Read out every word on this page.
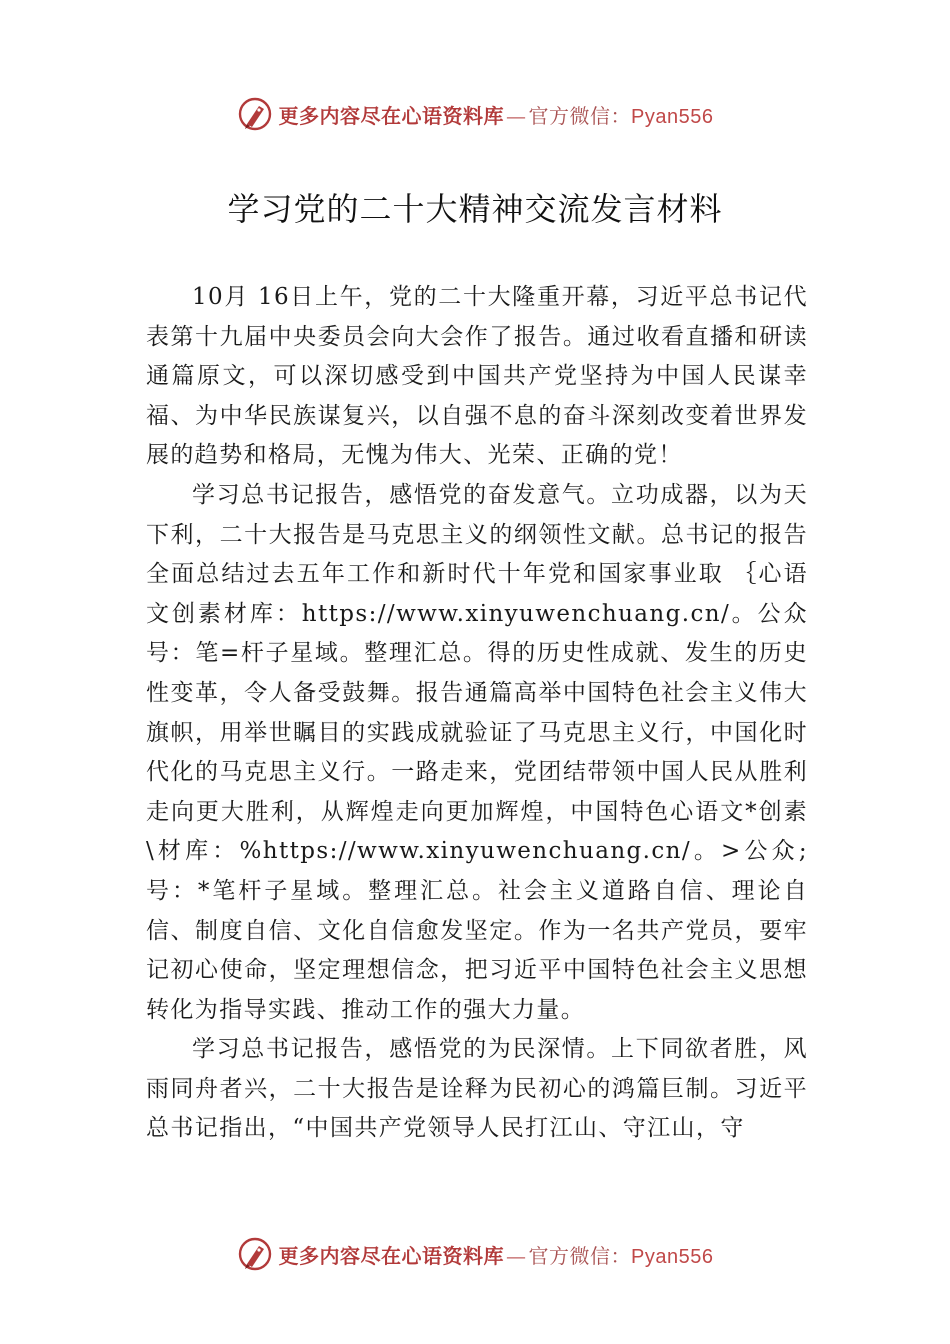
更多内容尽在心语资料库 — 官方微信：Pyan556
学习党的二十大精神交流发言材料

10月 16日上午，党的二十大隆重开幕，习近平总书记代表第十九届中央委员会向大会作了报告。通过收看直播和研读通篇原文，可以深切感受到中国共产党坚持为中国人民谋幸福、为中华民族谋复兴，以自强不息的奋斗深刻改变着世界发展的趋势和格局，无愧为伟大、光荣、正确的党！

学习总书记报告，感悟党的奋发意气。立功成器，以为天下利，二十大报告是马克思主义的纲领性文献。总书记的报告全面总结过去五年工作和新时代十年党和国家事业取 ｛心语文创素材库：https://www.xinyuwenchuang.cn/。公众号：笔=杆子星域。整理汇总。得的历史性成就、发生的历史性变革，令人备受鼓舞。报告通篇高举中国特色社会主义伟大旗帜，用举世瞩目的实践成就验证了马克思主义行，中国化时代化的马克思主义行。一路走来，党团结带领中国人民从胜利走向更大胜利，从辉煌走向更加辉煌，中国特色心语文*创素\材库：%https://www.xinyuwenchuang.cn/。>公众;号：*笔杆子星域。整理汇总。社会主义道路自信、理论自信、制度自信、文化自信愈发坚定。作为一名共产党员，要牢记初心使命，坚定理想信念，把习近平中国特色社会主义思想转化为指导实践、推动工作的强大力量。

学习总书记报告，感悟党的为民深情。上下同欲者胜，风雨同舟者兴，二十大报告是诠释为民初心的鸿篇巨制。习近平总书记指出，“中国共产党领导人民打江山、守江山，守

更多内容尽在心语资料库 — 官方微信：Pyan556
